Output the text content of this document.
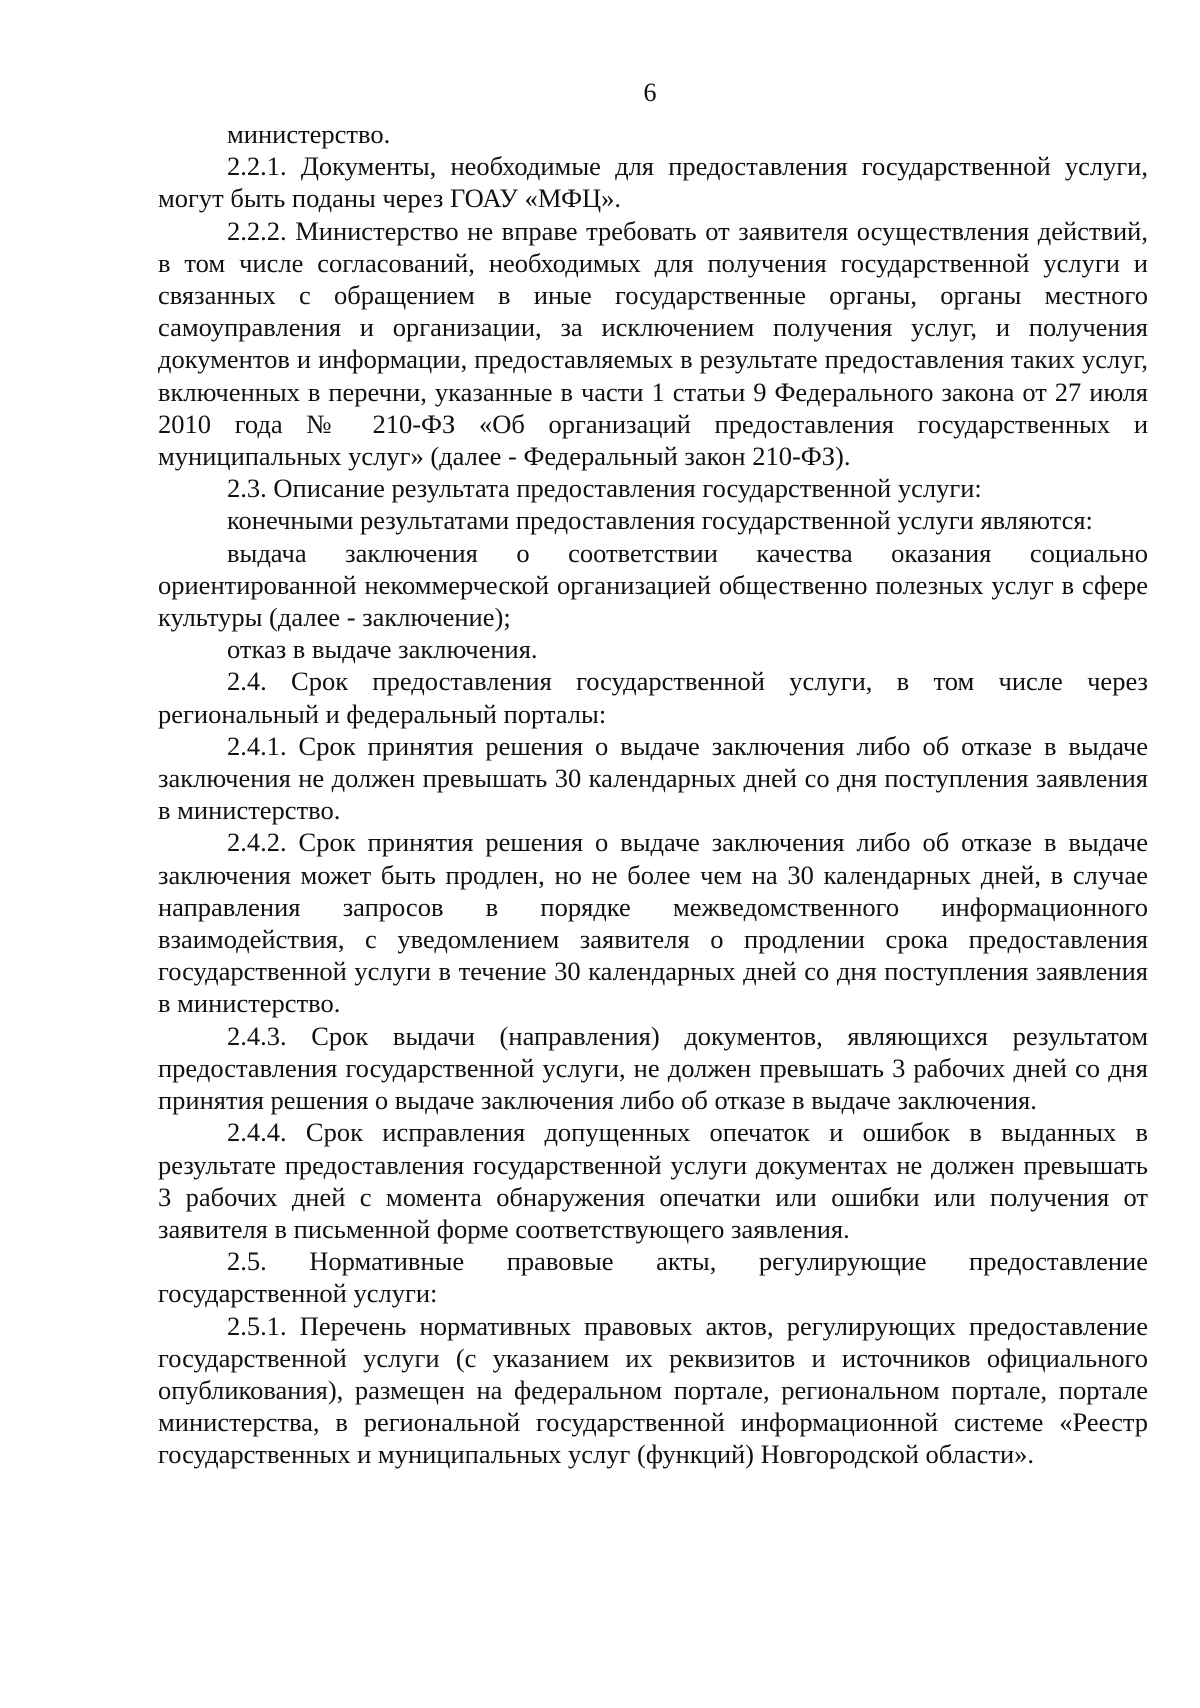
6

министерство.

2.2.1. Документы, необходимые для предоставления государственной услуги, могут быть поданы через ГОАУ «МФЦ».

2.2.2. Министерство не вправе требовать от заявителя осуществления действий, в том числе согласований, необходимых для получения государственной услуги и связанных с обращением в иные государственные органы, органы местного самоуправления и организации, за исключением получения услуг, и получения документов и информации, предоставляемых в результате предоставления таких услуг, включенных в перечни, указанные в части 1 статьи 9 Федерального закона от 27 июля 2010 года № 210-ФЗ «Об организаций предоставления государственных и муниципальных услуг» (далее - Федеральный закон 210-ФЗ).

2.3. Описание результата предоставления государственной услуги:

конечными результатами предоставления государственной услуги являются:

выдача заключения о соответствии качества оказания социально ориентированной некоммерческой организацией общественно полезных услуг в сфере культуры (далее - заключение);

отказ в выдаче заключения.

2.4. Срок предоставления государственной услуги, в том числе через региональный и федеральный порталы:

2.4.1. Срок принятия решения о выдаче заключения либо об отказе в выдаче заключения не должен превышать 30 календарных дней со дня поступления заявления в министерство.

2.4.2. Срок принятия решения о выдаче заключения либо об отказе в выдаче заключения может быть продлен, но не более чем на 30 календарных дней, в случае направления запросов в порядке межведомственного информационного взаимодействия, с уведомлением заявителя о продлении срока предоставления государственной услуги в течение 30 календарных дней со дня поступления заявления в министерство.

2.4.3. Срок выдачи (направления) документов, являющихся результатом предоставления государственной услуги, не должен превышать 3 рабочих дней со дня принятия решения о выдаче заключения либо об отказе в выдаче заключения.

2.4.4. Срок исправления допущенных опечаток и ошибок в выданных в результате предоставления государственной услуги документах не должен превышать 3 рабочих дней с момента обнаружения опечатки или ошибки или получения от заявителя в письменной форме соответствующего заявления.

2.5. Нормативные правовые акты, регулирующие предоставление государственной услуги:

2.5.1. Перечень нормативных правовых актов, регулирующих предоставление государственной услуги (с указанием их реквизитов и источников официального опубликования), размещен на федеральном портале, региональном портале, портале министерства, в региональной государственной информационной системе «Реестр государственных и муниципальных услуг (функций) Новгородской области».
